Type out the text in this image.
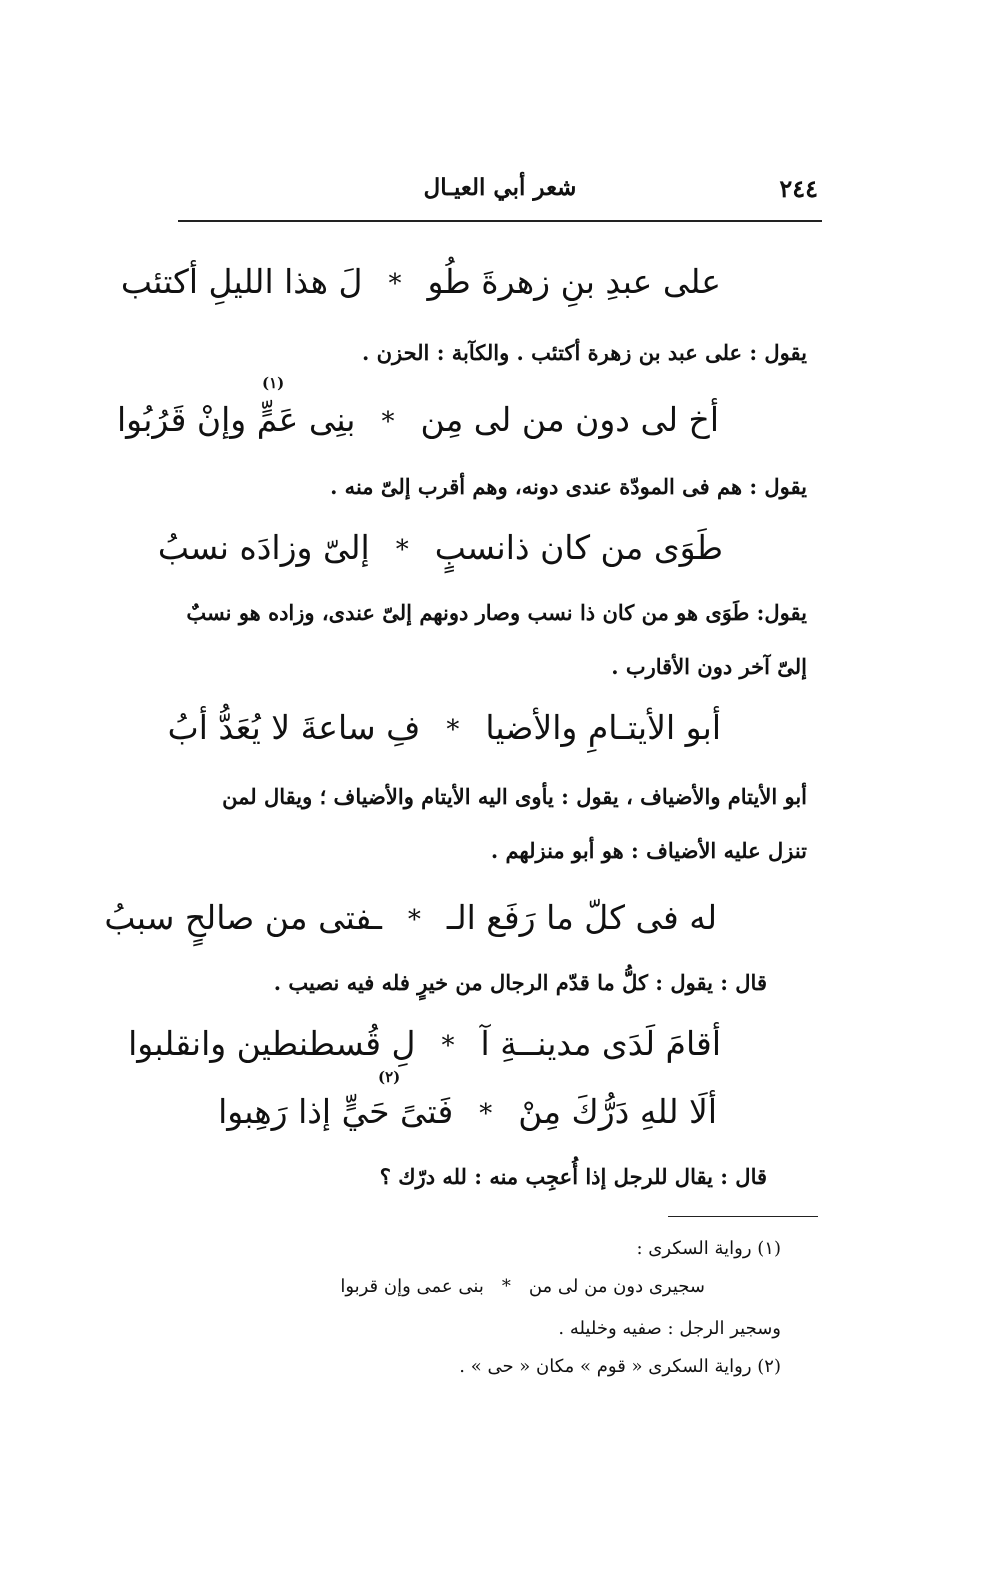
شعر أبي العيـال	٢٤٤
على عبدِ بنِ زهرةَ طُو*لَ هذا الليلِ أكتئب
يقول : على عبد بن زهرة أكتئب . والكآبة : الحزن .
(١)
أخ لى دون من لى مِن*بنِى عَمٍّ وإنْ قَرُبُوا
يقول : هم فى المودّة عندى دونه، وهم أقرب إلىّ منه .
طَوَى من كان ذانسبٍ*إلىّ وزادَه نسبُ
يقول: طَوَى هو من كان ذا نسب وصار دونهم إلىّ عندى، وزاده هو نسبٌ
إلىّ آخر دون الأقارب .
أبو الأيتـامِ والأضيا*فِ ساعةَ لا يُعَدُّ أبُ
أبو الأيتام والأضياف ، يقول : يأوى اليه الأيتام والأضياف ؛ ويقال لمن
تنزل عليه الأضياف : هو أبو منزلهم .
له فى كلّ ما رَفَع الـ*ـفتى من صالحٍ سببُ
قال : يقول : كلُّ ما قدّم الرجال من خيرٍ فله فيه نصيب .
أقامَ لَدَى مدينــةِ آ*لِ قُسطنطين وانقلبوا
(٢)
ألَا للهِ دَرُّكَ مِنْ*فَتىً حَيٍّ إذا رَهِبوا
قال : يقال للرجل إذا أُعجِب منه : لله درّك ؟
(١) رواية السكرى :
سجيرى دون من لى من*بنى عمى وإن قربوا
وسجير الرجل : صفيه وخليله .
(٢) رواية السكرى « قوم » مكان « حى » .
